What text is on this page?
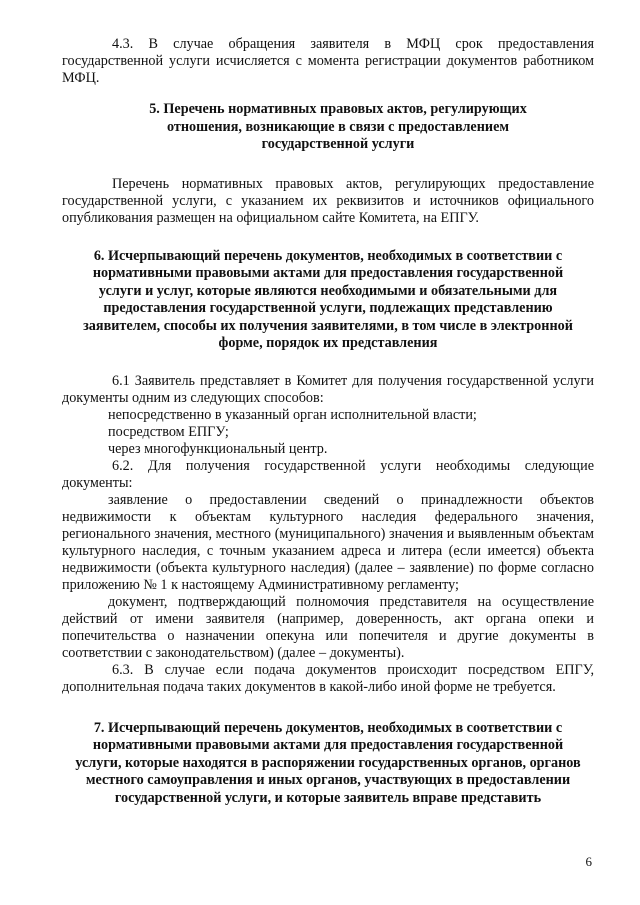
4.3. В случае обращения заявителя в МФЦ срок предоставления государственной услуги исчисляется с момента регистрации документов работником МФЦ.

5. Перечень нормативных правовых актов, регулирующих отношения, возникающие в связи с предоставлением государственной услуги

Перечень нормативных правовых актов, регулирующих предоставление государственной услуги, с указанием их реквизитов и источников официального опубликования размещен на официальном сайте Комитета, на ЕПГУ.

6. Исчерпывающий перечень документов, необходимых в соответствии с нормативными правовыми актами для предоставления государственной услуги и услуг, которые являются необходимыми и обязательными для предоставления государственной услуги, подлежащих представлению заявителем, способы их получения заявителями, в том числе в электронной форме, порядок их представления

6.1 Заявитель представляет в Комитет для получения государственной услуги документы одним из следующих способов:

непосредственно в указанный орган исполнительной власти;

посредством ЕПГУ;

через многофункциональный центр.

6.2. Для получения государственной услуги необходимы следующие документы:

заявление о предоставлении сведений о принадлежности объектов недвижимости к объектам культурного наследия федерального значения, регионального значения, местного (муниципального) значения и выявленным объектам культурного наследия, с точным указанием адреса и литера (если имеется) объекта недвижимости (объекта культурного наследия) (далее – заявление) по форме согласно приложению № 1 к настоящему Административному регламенту;

документ, подтверждающий полномочия представителя на осуществление действий от имени заявителя (например, доверенность, акт органа опеки и попечительства о назначении опекуна или попечителя и другие документы в соответствии с законодательством) (далее – документы).

6.3. В случае если подача документов происходит посредством ЕПГУ, дополнительная подача таких документов в какой-либо иной форме не требуется.

7. Исчерпывающий перечень документов, необходимых в соответствии с нормативными правовыми актами для предоставления государственной услуги, которые находятся в распоряжении государственных органов, органов местного самоуправления и иных органов, участвующих в предоставлении государственной услуги, и которые заявитель вправе представить

6
